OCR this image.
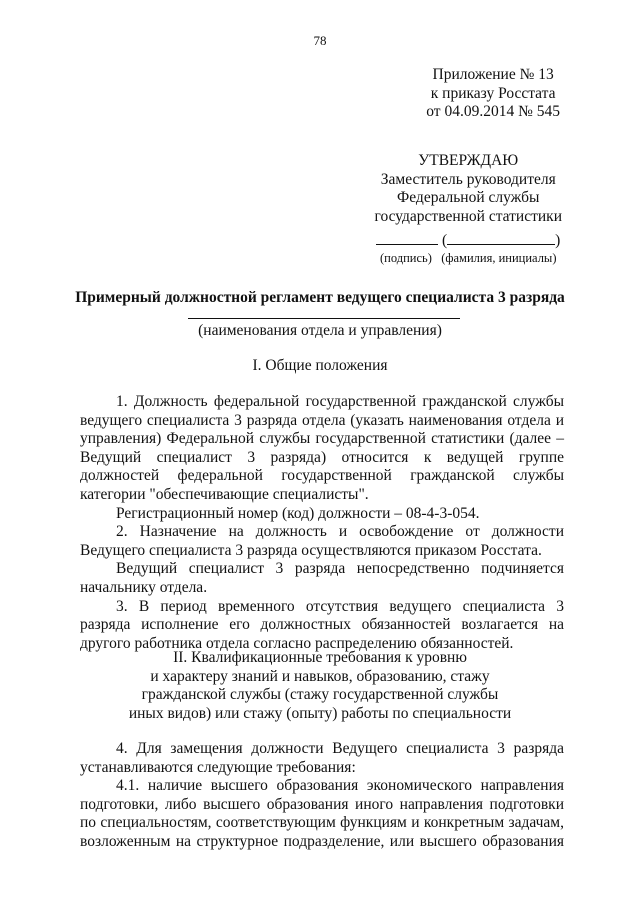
78
Приложение № 13
к приказу Росстата
от 04.09.2014 № 545
УТВЕРЖДАЮ
Заместитель руководителя
Федеральной службы
государственной статистики
(	)
(подпись) (фамилия, инициалы)
Примерный должностной регламент ведущего специалиста 3 разряда
(наименования отдела и управления)
I. Общие положения

1. Должность федеральной государственной гражданской службы ведущего специалиста 3 разряда отдела (указать наименования отдела и управления) Федеральной службы государственной статистики (далее – Ведущий специалист 3 разряда) относится к ведущей группе должностей федеральной государственной гражданской службы категории "обеспечивающие специалисты".

Регистрационный номер (код) должности – 08-4-3-054.

2. Назначение на должность и освобождение от должности Ведущего специалиста 3 разряда осуществляются приказом Росстата.

Ведущий специалист 3 разряда непосредственно подчиняется начальнику отдела.

3. В период временного отсутствия ведущего специалиста 3 разряда исполнение его должностных обязанностей возлагается на другого работника отдела согласно распределению обязанностей.

II. Квалификационные требования к уровню
и характеру знаний и навыков, образованию, стажу
гражданской службы (стажу государственной службы
иных видов) или стажу (опыту) работы по специальности

4. Для замещения должности Ведущего специалиста 3 разряда устанавливаются следующие требования:

4.1. наличие высшего образования экономического направления подготовки, либо высшего образования иного направления подготовки по специальностям, соответствующим функциям и конкретным задачам, возложенным на структурное подразделение, или высшего образования
